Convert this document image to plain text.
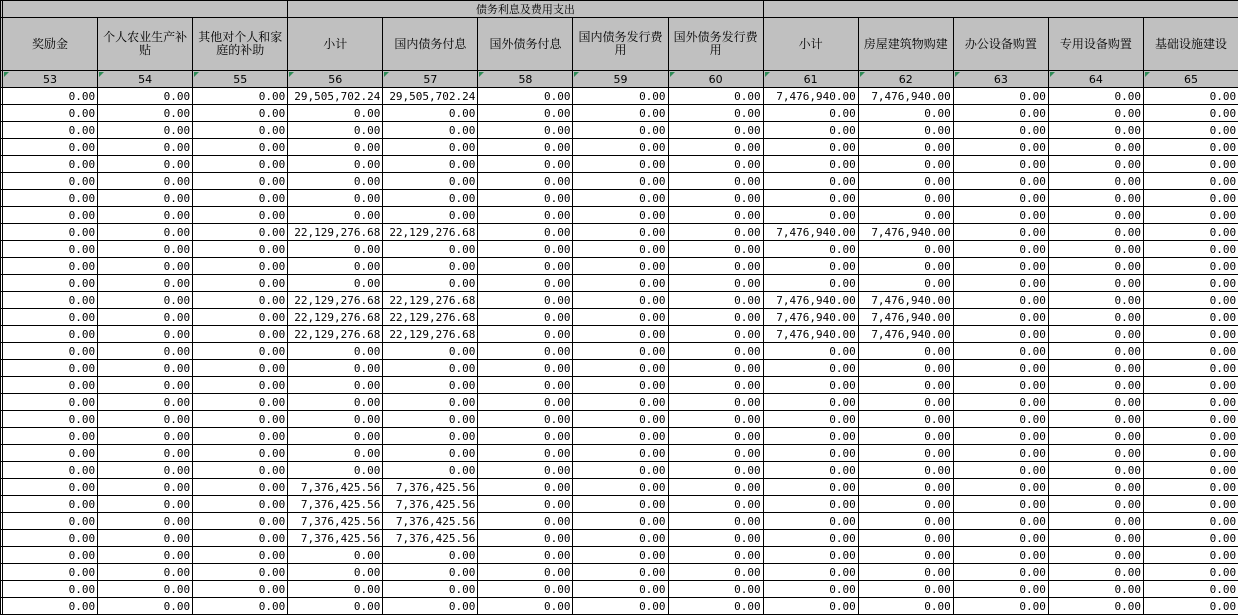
				债务利息及费用支出									
	奖励金	个人农业生产补贴	其他对个人和家庭的补助	小计	国内债务付息	国外债务付息	国内债务发行费用	国外债务发行费用	小计	房屋建筑物购建	办公设备购置	专用设备购置	基础设施建设

53	54	55	56	57	58	59	60	61	62	63	64	65
	0.00	0.00	0.00	29,505,702.24	29,505,702.24	0.00	0.00	0.00	7,476,940.00	7,476,940.00	0.00	0.00	0.00
	0.00	0.00	0.00	0.00	0.00	0.00	0.00	0.00	0.00	0.00	0.00	0.00	0.00
	0.00	0.00	0.00	0.00	0.00	0.00	0.00	0.00	0.00	0.00	0.00	0.00	0.00
	0.00	0.00	0.00	0.00	0.00	0.00	0.00	0.00	0.00	0.00	0.00	0.00	0.00
	0.00	0.00	0.00	0.00	0.00	0.00	0.00	0.00	0.00	0.00	0.00	0.00	0.00
	0.00	0.00	0.00	0.00	0.00	0.00	0.00	0.00	0.00	0.00	0.00	0.00	0.00
	0.00	0.00	0.00	0.00	0.00	0.00	0.00	0.00	0.00	0.00	0.00	0.00	0.00
	0.00	0.00	0.00	0.00	0.00	0.00	0.00	0.00	0.00	0.00	0.00	0.00	0.00
	0.00	0.00	0.00	22,129,276.68	22,129,276.68	0.00	0.00	0.00	7,476,940.00	7,476,940.00	0.00	0.00	0.00
	0.00	0.00	0.00	0.00	0.00	0.00	0.00	0.00	0.00	0.00	0.00	0.00	0.00
	0.00	0.00	0.00	0.00	0.00	0.00	0.00	0.00	0.00	0.00	0.00	0.00	0.00
	0.00	0.00	0.00	0.00	0.00	0.00	0.00	0.00	0.00	0.00	0.00	0.00	0.00
	0.00	0.00	0.00	22,129,276.68	22,129,276.68	0.00	0.00	0.00	7,476,940.00	7,476,940.00	0.00	0.00	0.00
	0.00	0.00	0.00	22,129,276.68	22,129,276.68	0.00	0.00	0.00	7,476,940.00	7,476,940.00	0.00	0.00	0.00
	0.00	0.00	0.00	22,129,276.68	22,129,276.68	0.00	0.00	0.00	7,476,940.00	7,476,940.00	0.00	0.00	0.00
	0.00	0.00	0.00	0.00	0.00	0.00	0.00	0.00	0.00	0.00	0.00	0.00	0.00
	0.00	0.00	0.00	0.00	0.00	0.00	0.00	0.00	0.00	0.00	0.00	0.00	0.00
	0.00	0.00	0.00	0.00	0.00	0.00	0.00	0.00	0.00	0.00	0.00	0.00	0.00
	0.00	0.00	0.00	0.00	0.00	0.00	0.00	0.00	0.00	0.00	0.00	0.00	0.00
	0.00	0.00	0.00	0.00	0.00	0.00	0.00	0.00	0.00	0.00	0.00	0.00	0.00
	0.00	0.00	0.00	0.00	0.00	0.00	0.00	0.00	0.00	0.00	0.00	0.00	0.00
	0.00	0.00	0.00	0.00	0.00	0.00	0.00	0.00	0.00	0.00	0.00	0.00	0.00
	0.00	0.00	0.00	0.00	0.00	0.00	0.00	0.00	0.00	0.00	0.00	0.00	0.00
	0.00	0.00	0.00	7,376,425.56	7,376,425.56	0.00	0.00	0.00	0.00	0.00	0.00	0.00	0.00
	0.00	0.00	0.00	7,376,425.56	7,376,425.56	0.00	0.00	0.00	0.00	0.00	0.00	0.00	0.00
	0.00	0.00	0.00	7,376,425.56	7,376,425.56	0.00	0.00	0.00	0.00	0.00	0.00	0.00	0.00
	0.00	0.00	0.00	7,376,425.56	7,376,425.56	0.00	0.00	0.00	0.00	0.00	0.00	0.00	0.00
	0.00	0.00	0.00	0.00	0.00	0.00	0.00	0.00	0.00	0.00	0.00	0.00	0.00
	0.00	0.00	0.00	0.00	0.00	0.00	0.00	0.00	0.00	0.00	0.00	0.00	0.00
	0.00	0.00	0.00	0.00	0.00	0.00	0.00	0.00	0.00	0.00	0.00	0.00	0.00
	0.00	0.00	0.00	0.00	0.00	0.00	0.00	0.00	0.00	0.00	0.00	0.00	0.00
